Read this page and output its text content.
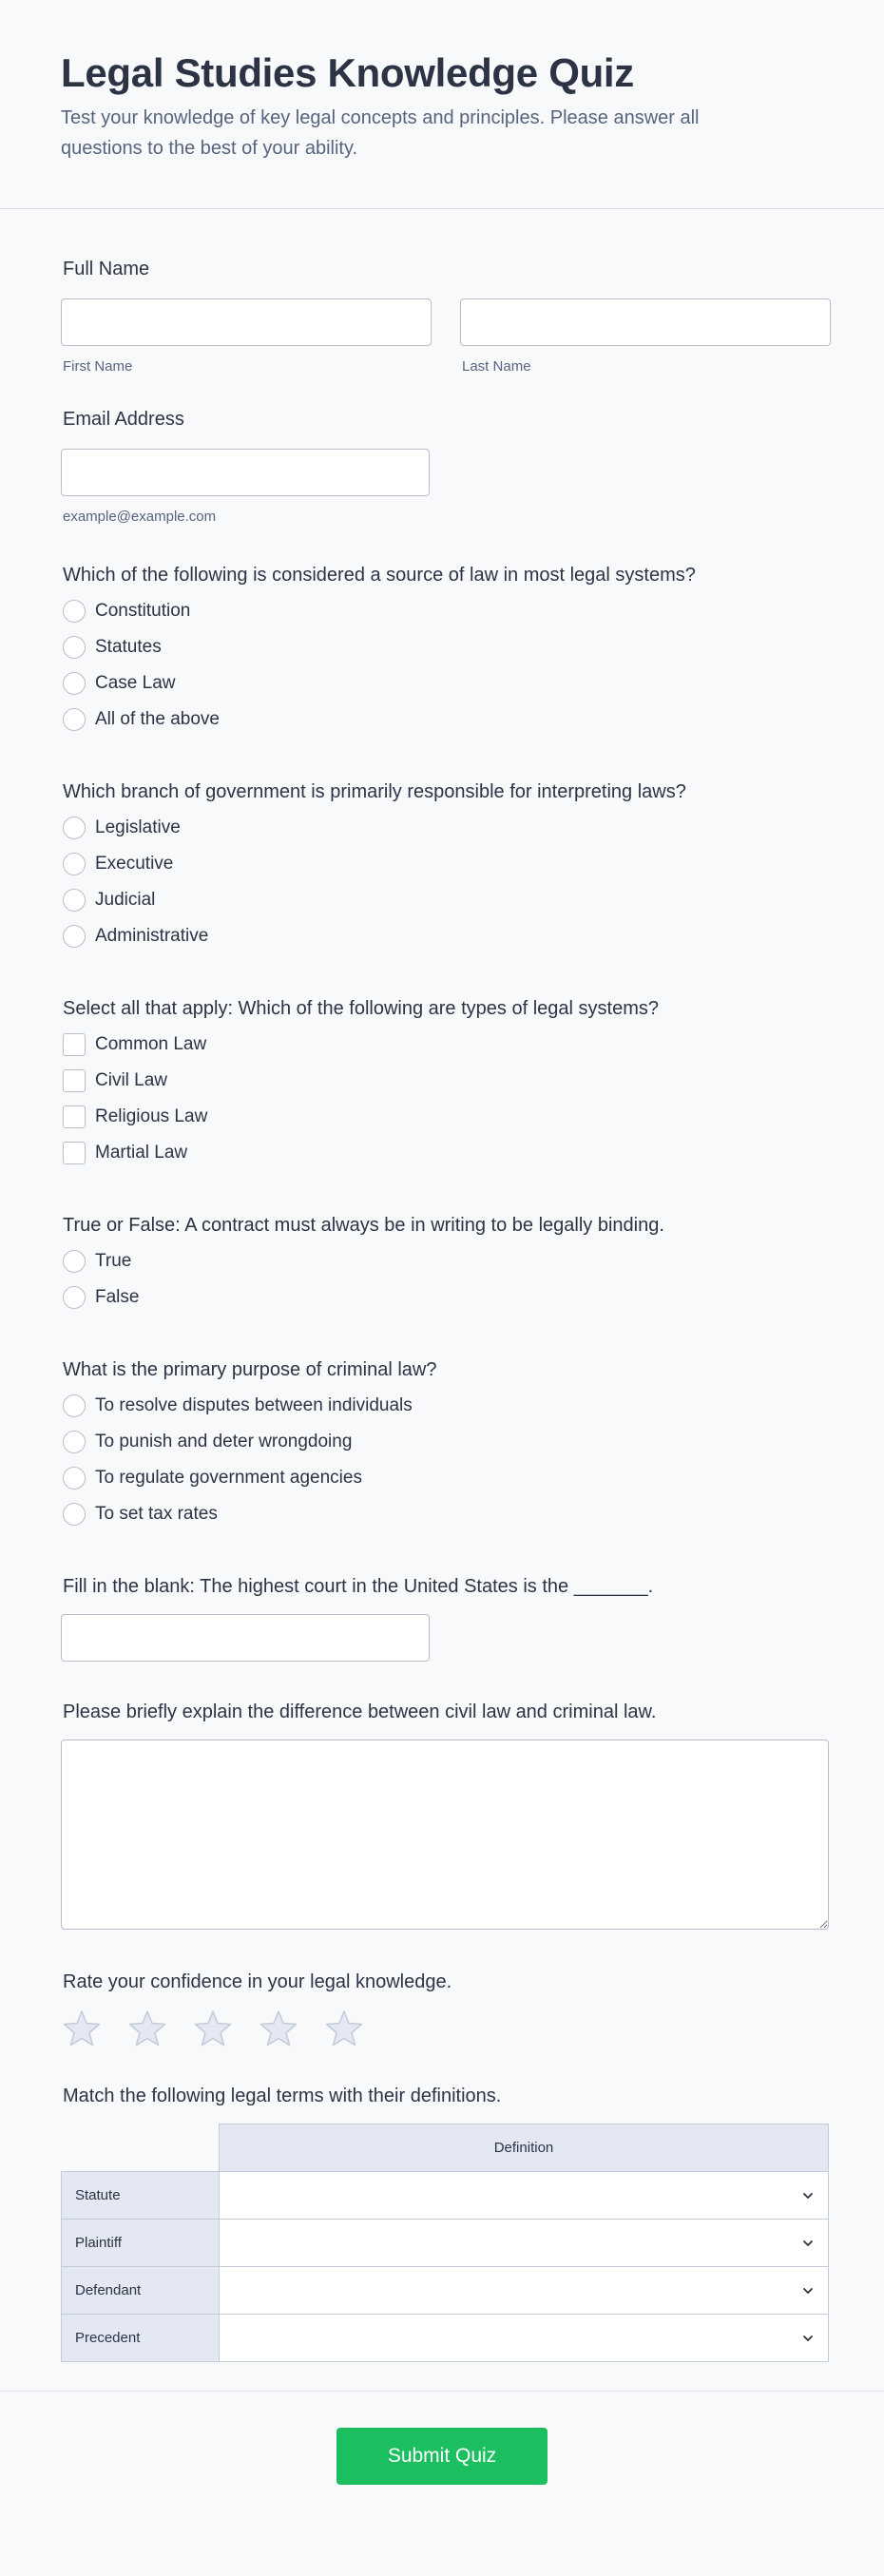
Legal Studies Knowledge Quiz

Test your knowledge of key legal concepts and principles. Please answer all questions to the best of your ability.

Full Name
First Name	Last Name
Email Address
example@example.com
Which of the following is considered a source of law in most legal systems?
Constitution
Statutes
Case Law
All of the above
Which branch of government is primarily responsible for interpreting laws?
Legislative
Executive
Judicial
Administrative
Select all that apply: Which of the following are types of legal systems?
Common Law
Civil Law
Religious Law
Martial Law
True or False: A contract must always be in writing to be legally binding.
True
False
What is the primary purpose of criminal law?
To resolve disputes between individuals
To punish and deter wrongdoing
To regulate government agencies
To set tax rates
Fill in the blank: The highest court in the United States is the _______.
Please briefly explain the difference between civil law and criminal law.
Rate your confidence in your legal knowledge.
Match the following legal terms with their definitions.
	Definition
Statute	

Plaintiff	

Defendant	

Precedent	
Submit Quiz
